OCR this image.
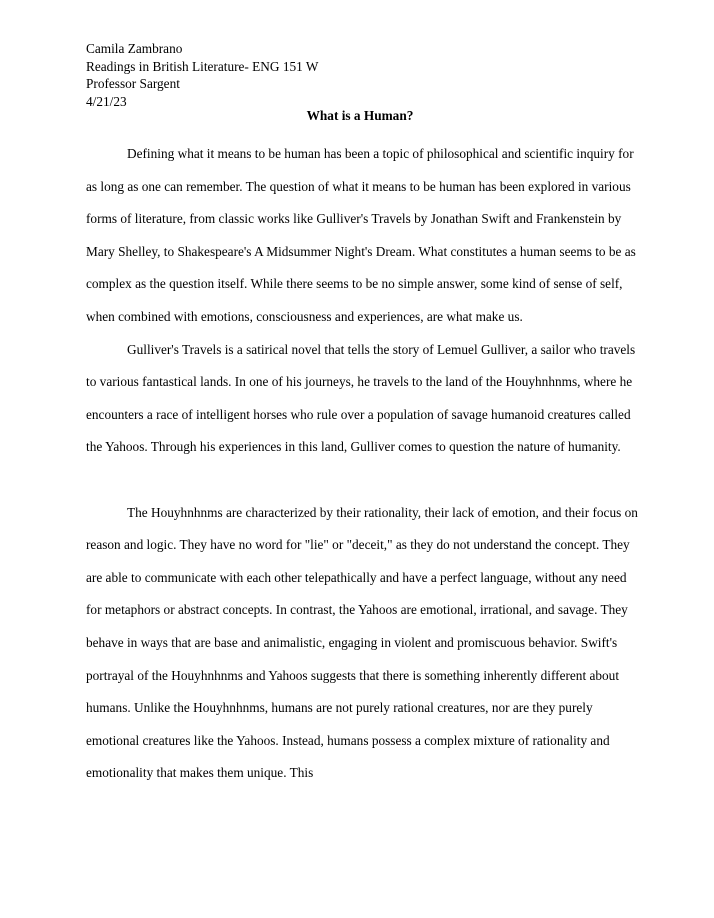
Camila Zambrano
Readings in British Literature- ENG 151 W
Professor Sargent
4/21/23
What is a Human?

Defining what it means to be human has been a topic of philosophical and scientific inquiry for as long as one can remember. The question of what it means to be human has been explored in various forms of literature, from classic works like Gulliver's Travels by Jonathan Swift and Frankenstein by Mary Shelley, to Shakespeare's A Midsummer Night's Dream. What constitutes a human seems to be as complex as the question itself. While there seems to be no simple answer, some kind of sense of self, when combined with emotions, consciousness and experiences, are what make us.

Gulliver's Travels is a satirical novel that tells the story of Lemuel Gulliver, a sailor who travels to various fantastical lands. In one of his journeys, he travels to the land of the Houyhnhnms, where he encounters a race of intelligent horses who rule over a population of savage humanoid creatures called the Yahoos. Through his experiences in this land, Gulliver comes to question the nature of humanity.

The Houyhnhnms are characterized by their rationality, their lack of emotion, and their focus on reason and logic. They have no word for "lie" or "deceit," as they do not understand the concept. They are able to communicate with each other telepathically and have a perfect language, without any need for metaphors or abstract concepts. In contrast, the Yahoos are emotional, irrational, and savage. They behave in ways that are base and animalistic, engaging in violent and promiscuous behavior. Swift's portrayal of the Houyhnhnms and Yahoos suggests that there is something inherently different about humans. Unlike the Houyhnhnms, humans are not purely rational creatures, nor are they purely emotional creatures like the Yahoos. Instead, humans possess a complex mixture of rationality and emotionality that makes them unique. This
